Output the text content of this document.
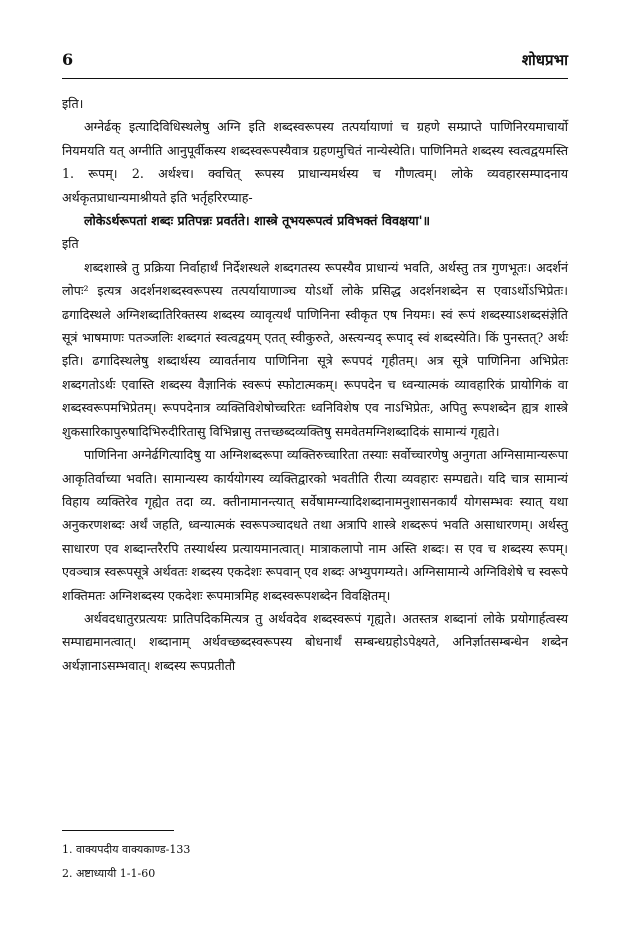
6	शोधप्रभा

इति।

अग्नेर्ढक् इत्यादिविधिस्थलेषु अग्नि इति शब्दस्वरूपस्य तत्पर्यायाणां च ग्रहणे सम्प्राप्ते पाणिनिरयमाचार्यो नियमयति यत् अग्नीति आनुपूर्वीकस्य शब्दस्वरूपस्यैवात्र ग्रहणमुचितं नान्येस्येति। पाणिनिमते शब्दस्य स्वत्वद्वयमस्ति 1. रूपम्। 2. अर्थश्च। क्वचित् रूपस्य प्राधान्यमर्थस्य च गौणत्वम्। लोके व्यवहारसम्पादनाय अर्थकृतप्राधान्यमाश्रीयते इति भर्तृहरिरप्याह-

लोकेऽर्थरूपतां शब्दः प्रतिपन्नः प्रवर्तते। शास्त्रे तूभयरूपत्वं प्रविभक्तं विवक्षया'॥

इति

शब्दशास्त्रे तु प्रक्रिया निर्वाहार्थं निर्देशस्थले शब्दगतस्य रूपस्यैव प्राधान्यं भवति, अर्थस्तु तत्र गुणभूतः। अदर्शनं लोपः² इत्यत्र अदर्शनशब्दस्वरूपस्य तत्पर्यायाणाञ्च योऽर्थो लोके प्रसिद्ध अदर्शनशब्देन स एवाऽर्थोऽभिप्रेतः। ढगादिस्थले अग्निशब्दातिरिक्तस्य शब्दस्य व्यावृत्यर्थं पाणिनिना स्वीकृत एष नियमः। स्वं रूपं शब्दस्याऽशब्दसंज्ञेति सूत्रं भाषमाणः पतञ्जलिः शब्दगतं स्वत्वद्वयम् एतत् स्वीकुरुते, अस्त्यन्यद् रूपाद् स्वं शब्दस्येति। किं पुनस्तत्? अर्थः इति। ढगादिस्थलेषु शब्दार्थस्य व्यावर्तनाय पाणिनिना सूत्रे रूपपदं गृहीतम्। अत्र सूत्रे पाणिनिना अभिप्रेतः शब्दगतोऽर्थः एवास्ति शब्दस्य वैज्ञानिकं स्वरूपं स्फोटात्मकम्। रूपपदेन च ध्वन्यात्मकं व्यावहारिकं प्रायोगिकं वा शब्दस्वरूपमभिप्रेतम्। रूपपदेनात्र व्यक्तिविशेषोच्चरितः ध्वनिविशेष एव नाऽभिप्रेतः, अपितु रूपशब्देन ह्यत्र शास्त्रे शुकसारिकापुरुषादिभिरुदीरितासु विभिन्नासु तत्तच्छब्दव्यक्तिषु समवेतमग्निशब्दादिकं सामान्यं गृह्यते।

पाणिनिना अग्नेर्ढगित्यादिषु या अग्निशब्दरूपा व्यक्तिरुच्चारिता तस्याः सर्वोच्चारणेषु अनुगता अग्निसामान्यरूपा आकृतिर्वाच्या भवति। सामान्यस्य कार्ययोगस्य व्यक्तिद्वारको भवतीति रीत्या व्यवहारः सम्पद्यते। यदि चात्र सामान्यं विहाय व्यक्तिरेव गृह्येत तदा व्य. क्तीनामानन्त्यात् सर्वेषामग्न्यादिशब्दानामनुशासनकार्यं योगसम्भवः स्यात् यथा अनुकरणशब्दः अर्थं जहति, ध्वन्यात्मकं स्वरूपञ्चादधते तथा अत्रापि शास्त्रे शब्दरूपं भवति असाधारणम्। अर्थस्तु साधारण एव शब्दान्तरैरपि तस्यार्थस्य प्रत्यायमानत्वात्। मात्राकलापो नाम अस्ति शब्दः। स एव च शब्दस्य रूपम्। एवञ्चात्र स्वरूपसूत्रे अर्थवतः शब्दस्य एकदेशः रूपवान् एव शब्दः अभ्युपगम्यते। अग्निसामान्ये अग्निविशेषे च स्वरूपे शक्तिमतः अग्निशब्दस्य एकदेशः रूपमात्रमिह शब्दस्वरूपशब्देन विवक्षितम्।

अर्थवदधातुरप्रत्ययः प्रातिपदिकमित्यत्र तु अर्थवदेव शब्दस्वरूपं गृह्यते। अतस्तत्र शब्दानां लोके प्रयोगार्हत्वस्य सम्पाद्यमानत्वात्। शब्दानाम् अर्थवच्छब्दस्वरूपस्य बोधनार्थं सम्बन्धग्रहोऽपेक्ष्यते, अनिर्ज्ञातसम्बन्धेन शब्देन अर्थज्ञानाऽसम्भवात्। शब्दस्य रूपप्रतीतौ

1. वाक्यपदीय वाक्यकाण्ड-133
2. अष्टाध्यायी 1-1-60
